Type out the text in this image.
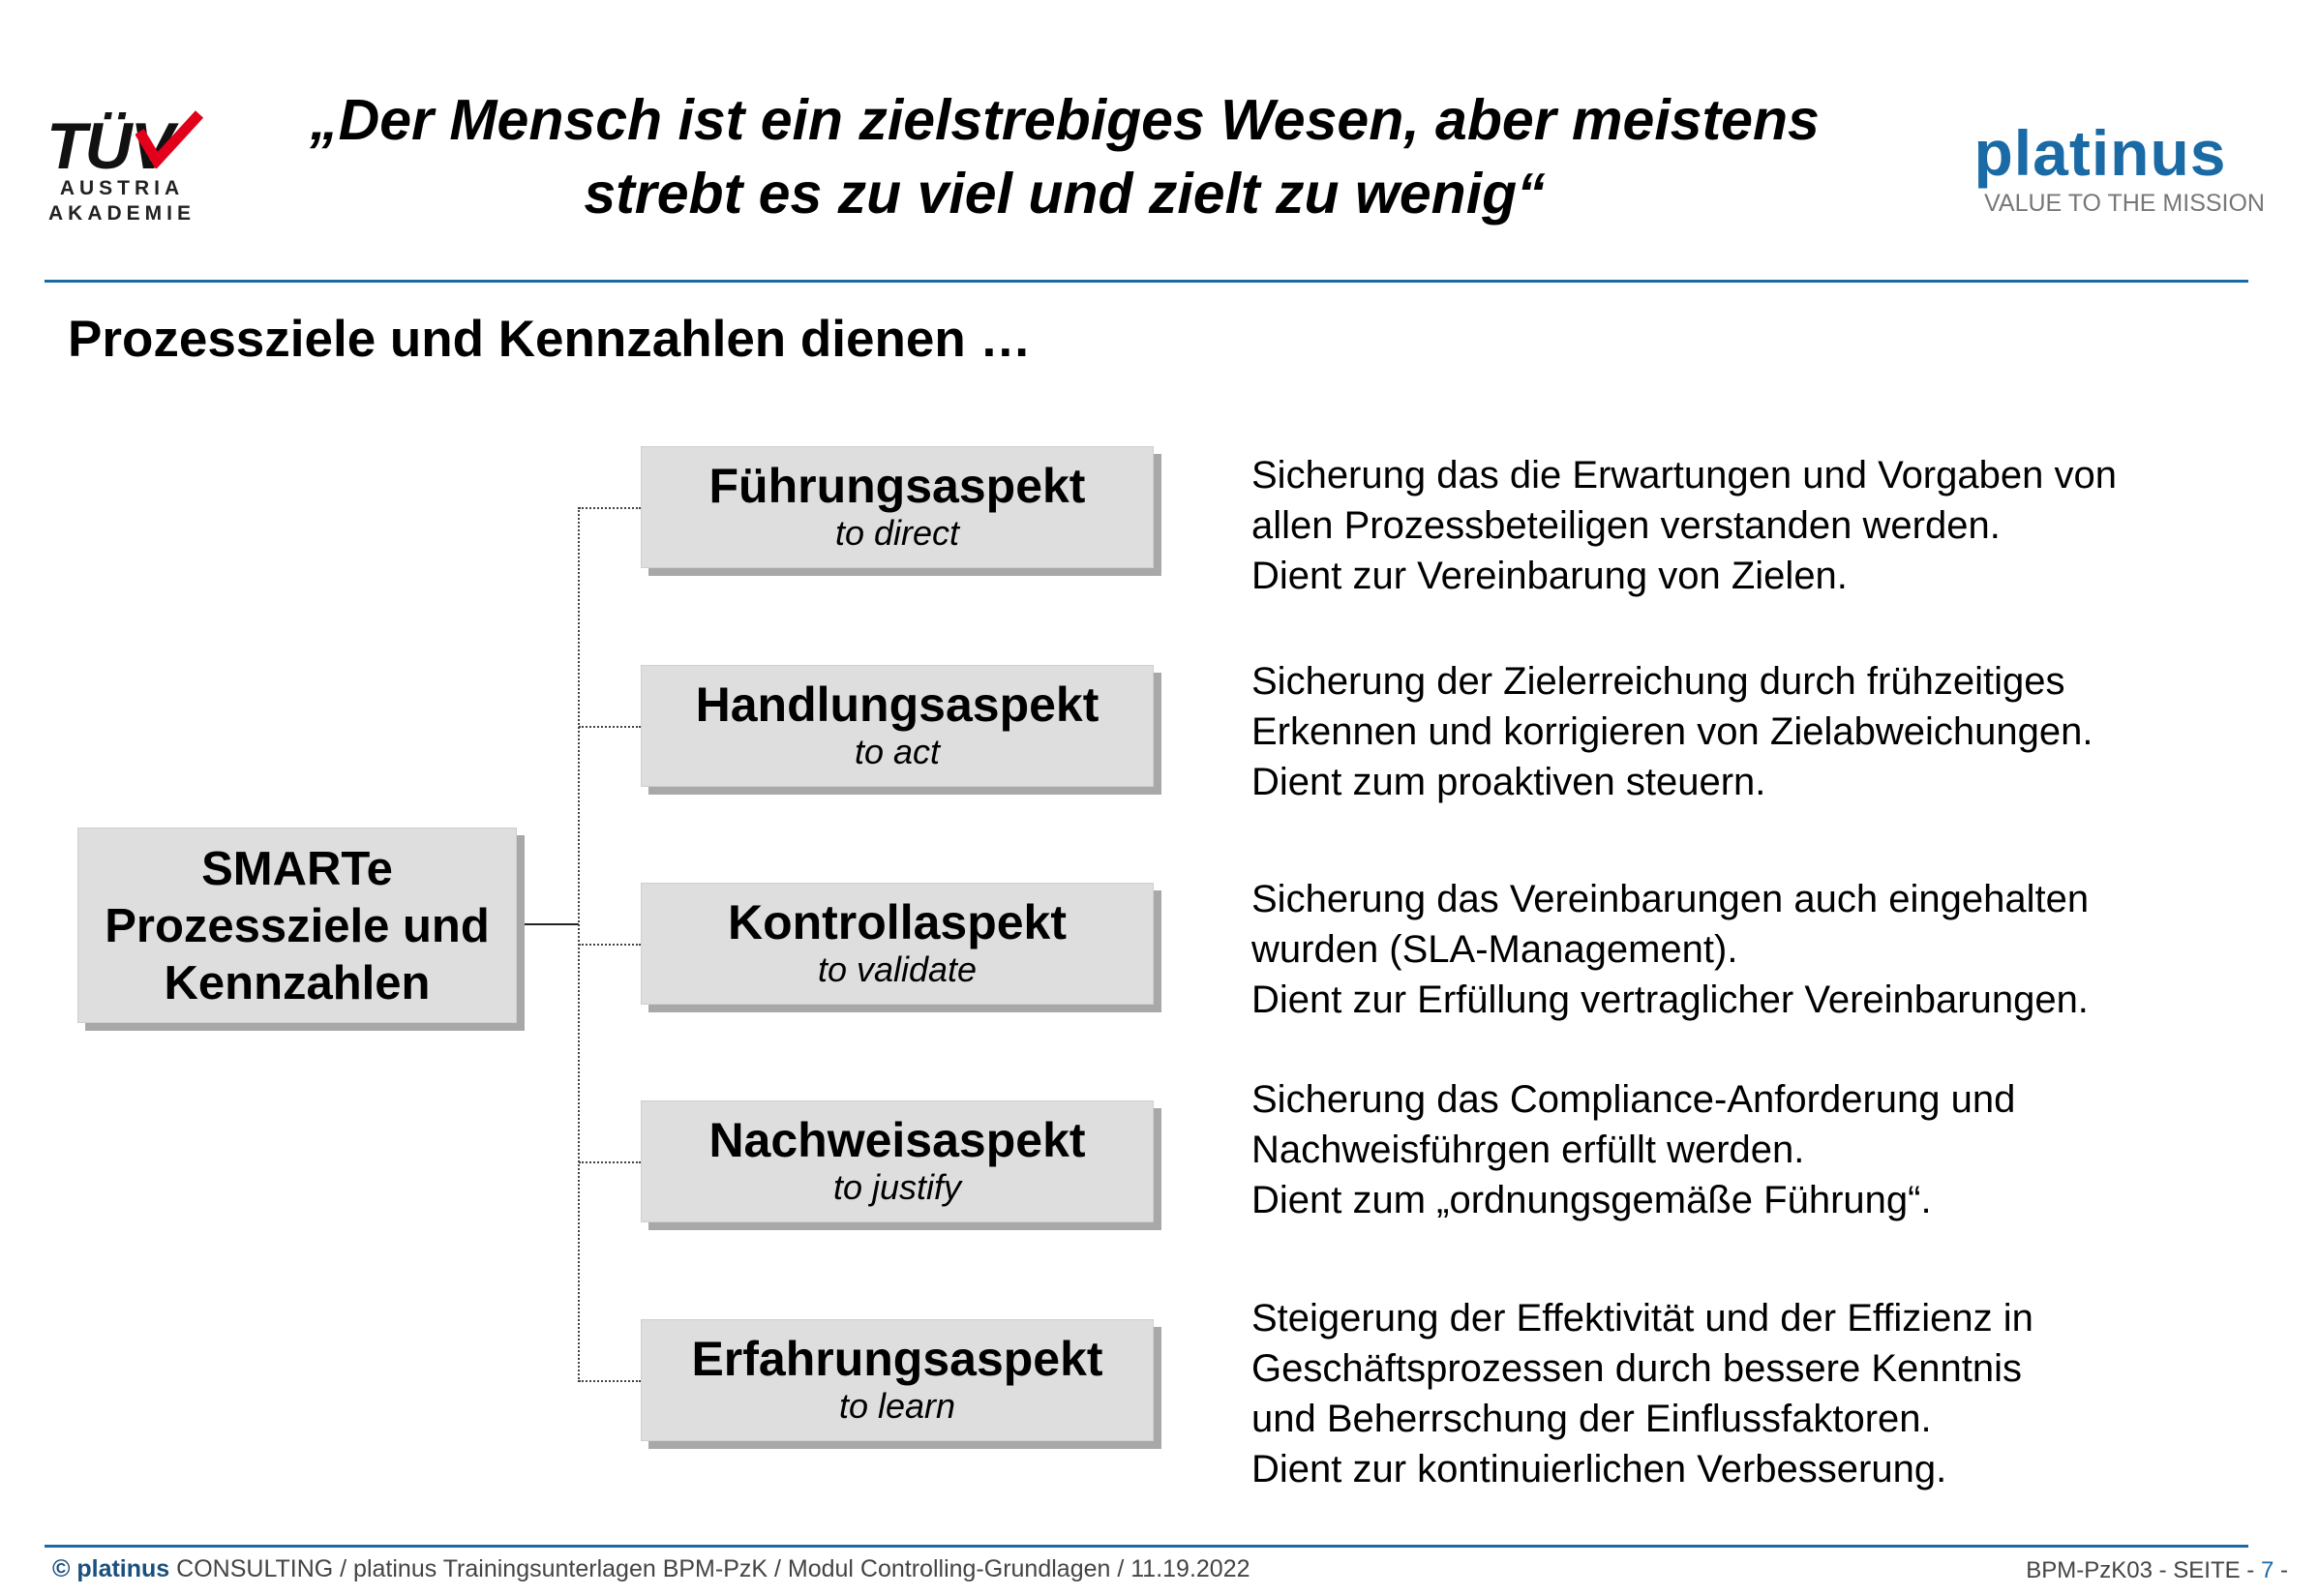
TÜV
AUSTRIA
AKADEMIE
„Der Mensch ist ein zielstrebiges Wesen, aber meistens
strebt es zu viel und zielt zu wenig“
platinus
VALUE TO THE MISSION
Prozessziele und Kennzahlen dienen …
SMARTe
Prozessziele und
Kennzahlen
Führungsaspekt
to direct
Handlungsaspekt
to act
Kontrollaspekt
to validate
Nachweisaspekt
to justify
Erfahrungsaspekt
to learn
Sicherung das die Erwartungen und Vorgaben von
allen Prozessbeteiligen verstanden werden.
Dient zur Vereinbarung von Zielen.
Sicherung der Zielerreichung durch frühzeitiges
Erkennen und korrigieren von Zielabweichungen.
Dient zum proaktiven steuern.
Sicherung das Vereinbarungen auch eingehalten
wurden (SLA-Management).
Dient zur Erfüllung vertraglicher Vereinbarungen.
Sicherung das Compliance-Anforderung und
Nachweisführgen erfüllt werden.
Dient zum „ordnungsgemäße Führung“.
Steigerung der Effektivität und der Effizienz in
Geschäftsprozessen durch bessere Kenntnis
und Beherrschung der Einflussfaktoren.
Dient zur kontinuierlichen Verbesserung.
© platinus CONSULTING / platinus Trainingsunterlagen BPM-PzK / Modul Controlling-Grundlagen / 11.19.2022	BPM-PzK03 - SEITE - 7 -
